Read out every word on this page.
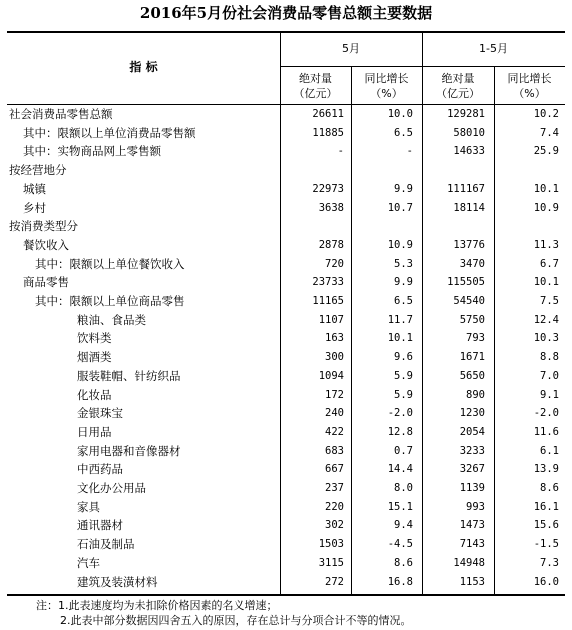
2016年5月份社会消费品零售总额主要数据
指 标
5月	1-5月
绝对量
（亿元）
同比增长
（%）
绝对量
（亿元）
同比增长
（%）
社会消费品零售总额	26611	10.0	129281	10.2
其中：限额以上单位消费品零售额	11885	6.5	58010	7.4
其中：实物商品网上零售额	-	-	14633	25.9
按经营地分
城镇	22973	9.9	111167	10.1
乡村	3638	10.7	18114	10.9
按消费类型分
餐饮收入	2878	10.9	13776	11.3
其中：限额以上单位餐饮收入	720	5.3	3470	6.7
商品零售	23733	9.9	115505	10.1
其中：限额以上单位商品零售	11165	6.5	54540	7.5
粮油、食品类	1107	11.7	5750	12.4
饮料类	163	10.1	793	10.3
烟酒类	300	9.6	1671	8.8
服装鞋帽、针纺织品	1094	5.9	5650	7.0
化妆品	172	5.9	890	9.1
金银珠宝	240	-2.0	1230	-2.0
日用品	422	12.8	2054	11.6
家用电器和音像器材	683	0.7	3233	6.1
中西药品	667	14.4	3267	13.9
文化办公用品	237	8.0	1139	8.6
家具	220	15.1	993	16.1
通讯器材	302	9.4	1473	15.6
石油及制品	1503	-4.5	7143	-1.5
汽车	3115	8.6	14948	7.3
建筑及装潢材料	272	16.8	1153	16.0
注：1.此表速度均为未扣除价格因素的名义增速；
2.此表中部分数据因四舍五入的原因，存在总计与分项合计不等的情况。
